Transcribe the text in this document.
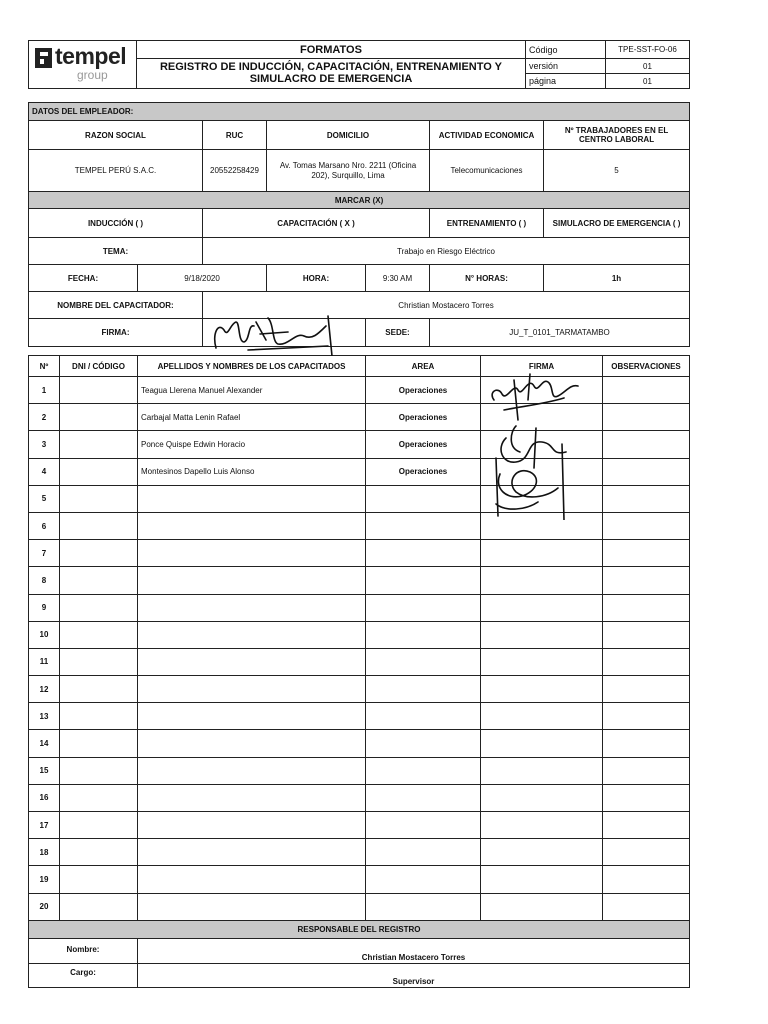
tempel
group	FORMATOS	Código	TPE-SST-FO-06
	REGISTRO DE INDUCCIÓN, CAPACITACIÓN, ENTRENAMIENTO Y SIMULACRO DE EMERGENCIA	versión	01
		página	01
DATOS DEL EMPLEADOR:						
RAZON SOCIAL		RUC	DOMICILIO		ACTIVIDAD ECONOMICA	Nº TRABAJADORES EN EL CENTRO LABORAL
TEMPEL PERÚ S.A.C.		20552258429	Av. Tomas Marsano Nro. 2211 (Oficina 202), Surquillo, Lima		Telecomunicaciones	5
MARCAR (X)						
INDUCCIÓN ( )		CAPACITACIÓN ( X )			ENTRENAMIENTO ( )	SIMULACRO DE EMERGENCIA ( )
TEMA:		Trabajo en Riesgo Eléctrico				
FECHA:	9/18/2020		HORA:	9:30 AM	N° HORAS:	1h
NOMBRE DEL CAPACITADOR:		Christian Mostacero Torres				
FIRMA:				SEDE:	JU_T_0101_TARMATAMBO	
Nº	DNI / CÓDIGO	APELLIDOS Y NOMBRES DE LOS CAPACITADOS	AREA	FIRMA	OBSERVACIONES
1		Teagua Llerena Manuel Alexander	Operaciones		
2		Carbajal Matta Lenin Rafael	Operaciones		
3		Ponce Quispe Edwin Horacio	Operaciones		
4		Montesinos Dapello Luis Alonso	Operaciones		
5					
6					
7					
8					
9					
10					
11					
12					
13					
14					
15					
16					
17					
18					
19					
20					
RESPONSABLE DEL REGISTRO	
Nombre:	Christian Mostacero Torres
Cargo:	Supervisor
